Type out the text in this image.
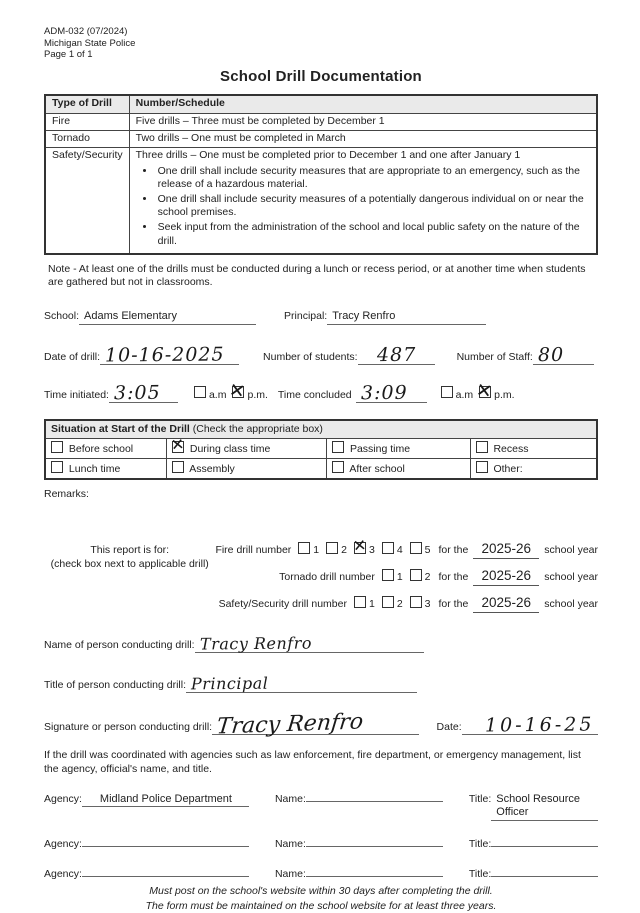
ADM-032 (07/2024)
Michigan State Police
Page 1 of 1
School Drill Documentation
Type of Drill	Number/Schedule
Fire	Five drills – Three must be completed by December 1
Tornado	Two drills – One must be completed in March
Safety/Security	Three drills – One must be completed prior to December 1 and one after January 1
• One drill shall include security measures that are appropriate to an emergency, such as the release of a hazardous material.
• One drill shall include security measures of a potentially dangerous individual on or near the school premises.
• Seek input from the administration of the school and local public safety on the nature of the drill.
Note - At least one of the drills must be conducted during a lunch or recess period, or at another time when students are gathered but not in classrooms.
School: Adams Elementary	Principal: Tracy Renfro
Date of drill: 10-16-2025	Number of students:	487	Number of Staff: 80
Time initiated: 3:05	a.m ✕ p.m. Time concluded 3:09	a.m ✕ p.m.
Situation at Start of the Drill (Check the appropriate box)			
Before school	✕During class time	Passing time	Recess
Lunch time	Assembly	After school	Other:
Remarks:
This report is for:
(check box next to applicable drill)
Fire drill number	1	2 ✕	3	4	5 for the 2025-26	school year
Tornado drill number	1	2 for the 2025-26	school year
Safety/Security drill number	1	2	3 for the 2025-26	school year
Name of person conducting drill: Tracy Renfro
Title of person conducting drill: Principal
Signature or person conducting drill: Tracy Renfro	Date:	10-16-25
If the drill was coordinated with agencies such as law enforcement, fire department, or emergency management, list the agency, official's name, and title.
Agency:	Midland Police Department	Name:	Title: School Resource Officer
Agency:	Name:	Title:
Agency:	Name:	Title:
Must post on the school's website within 30 days after completing the drill.
The form must be maintained on the school website for at least three years.
